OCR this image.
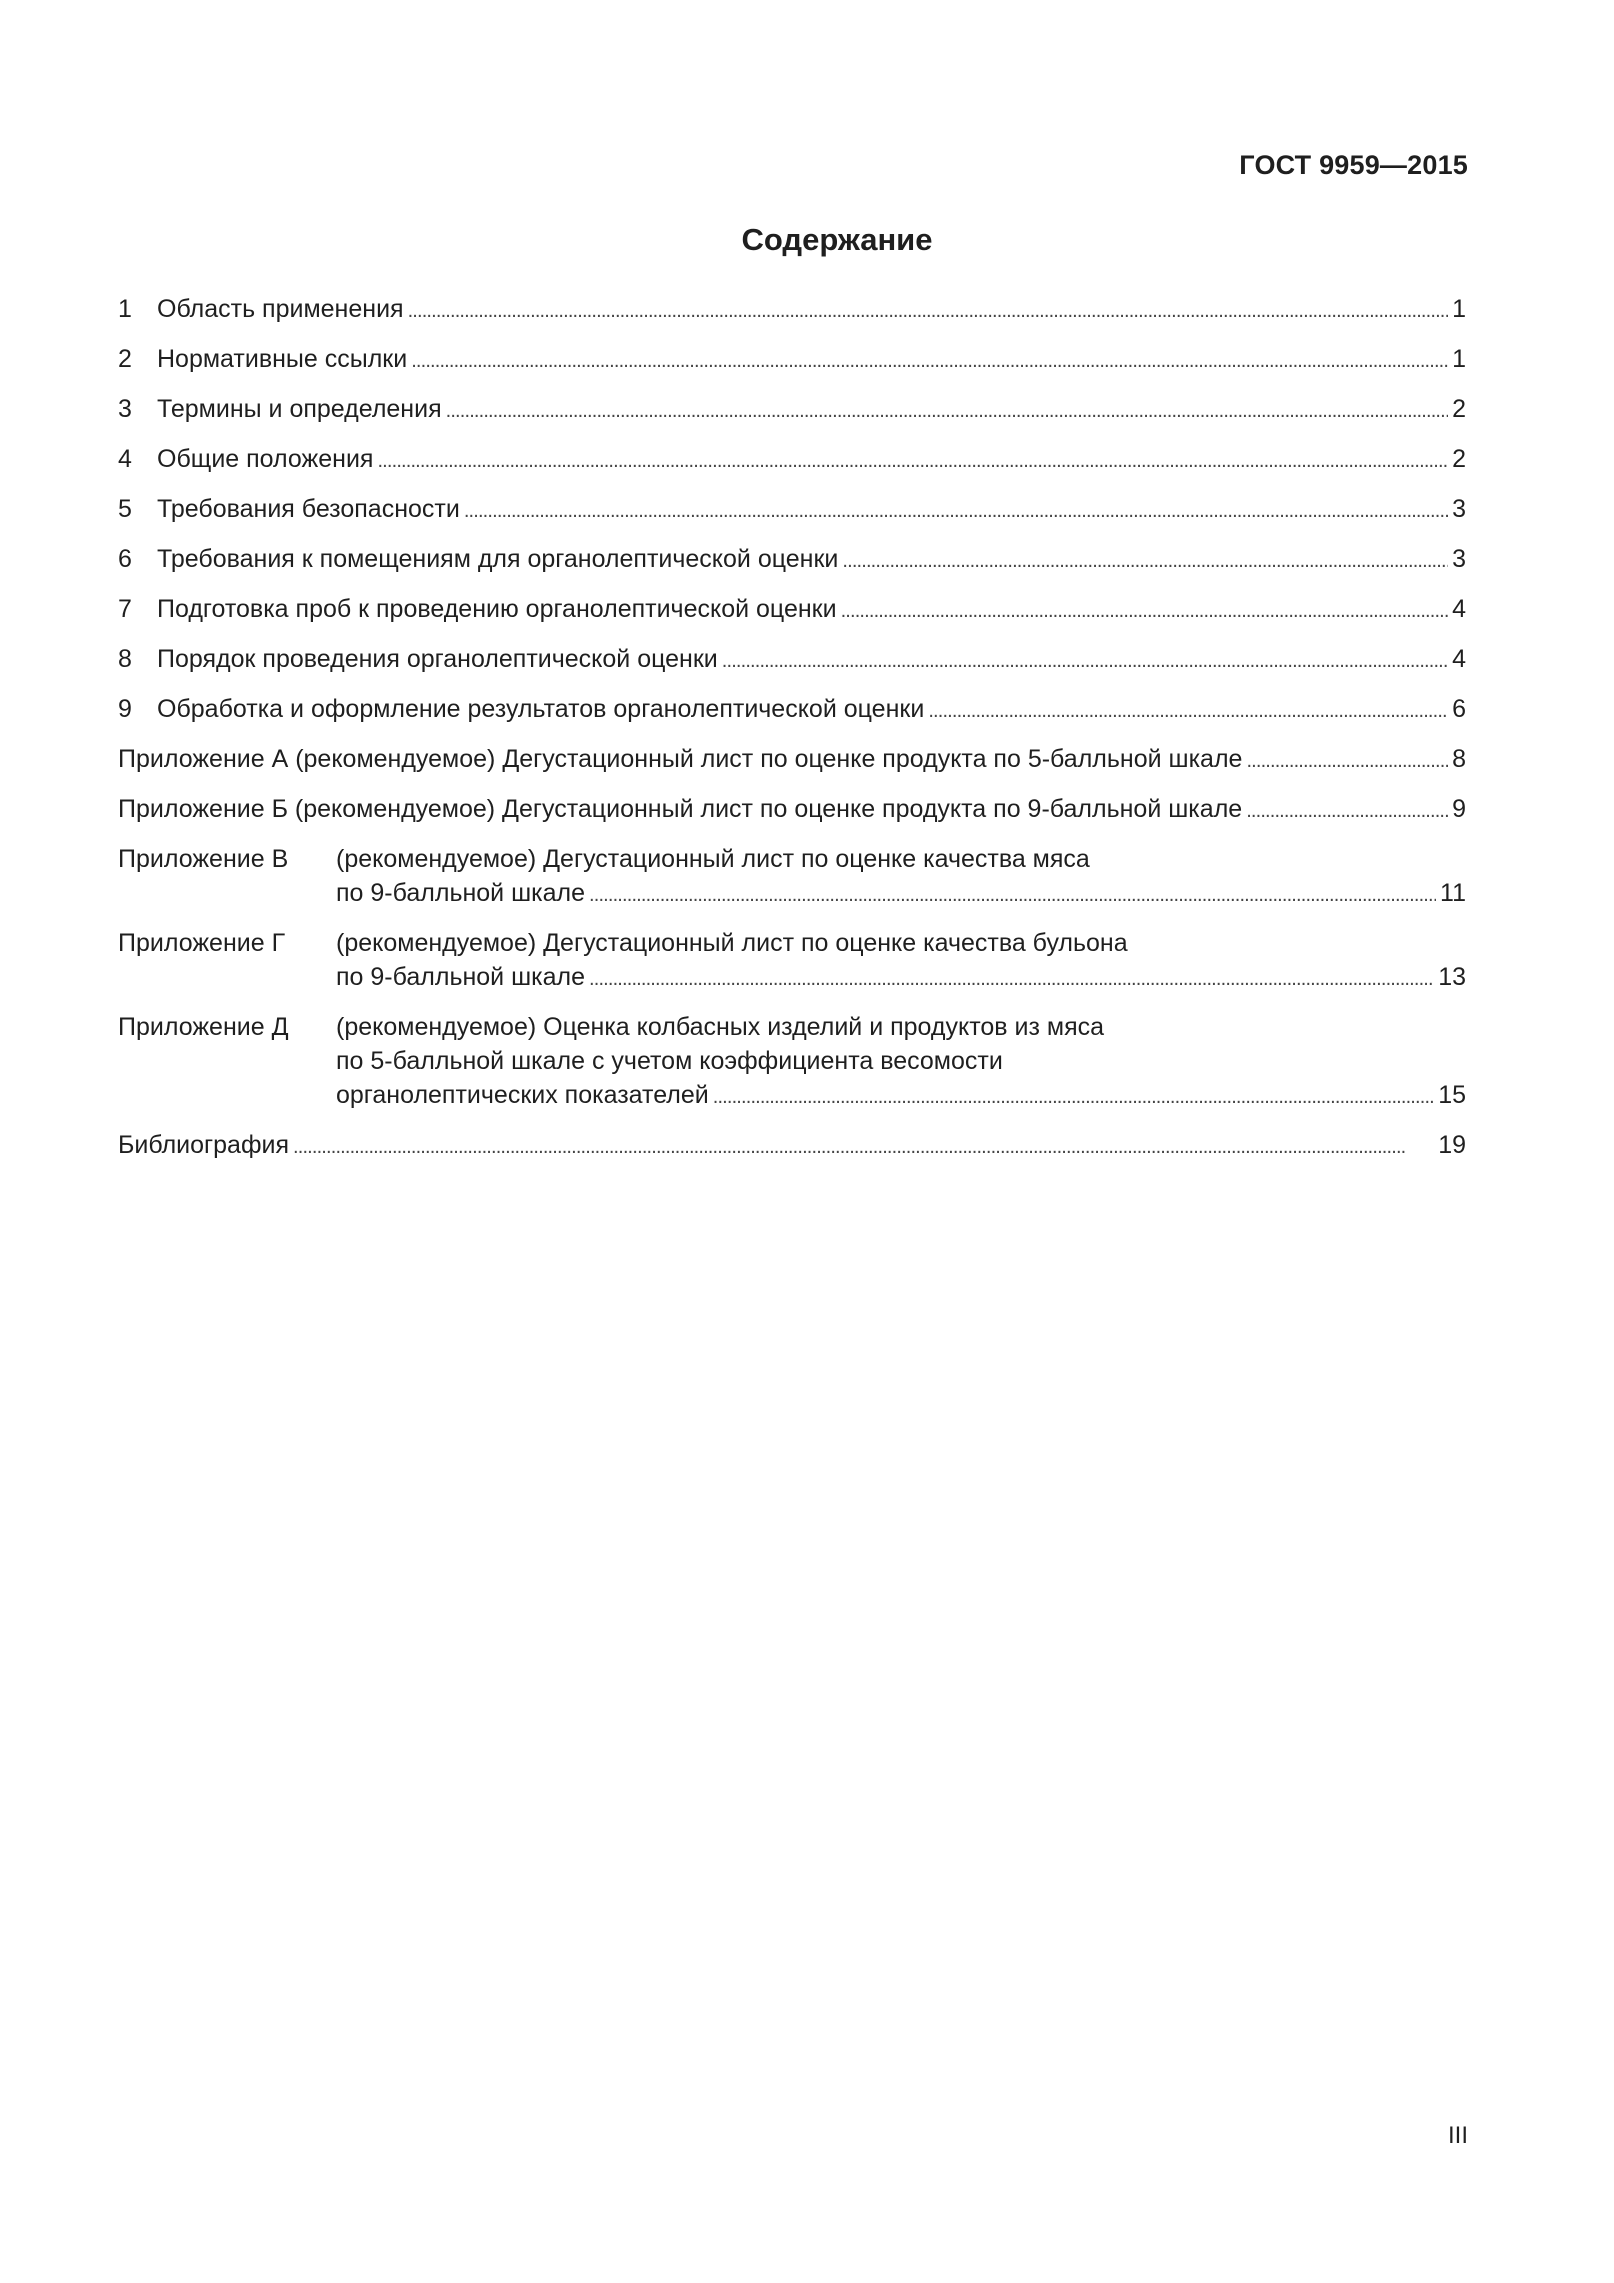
ГОСТ 9959—2015
Содержание
1	Область применения . . .	1
2	Нормативные ссылки . . .	1
3	Термины и определения . . .	2
4	Общие положения . . .	2
5	Требования безопасности . . .	3
6	Требования к помещениям для органолептической оценки . . .	3
7	Подготовка проб к проведению органолептической оценки . . .	4
8	Порядок проведения органолептической оценки . . .	4
9	Обработка и оформление результатов органолептической оценки . . .	6
Приложение А (рекомендуемое) Дегустационный лист по оценке продукта по 5-балльной шкале . . .	8
Приложение Б (рекомендуемое) Дегустационный лист по оценке продукта по 9-балльной шкале . . .	9
Приложение В	(рекомендуемое) Дегустационный лист по оценке качества мяса
по 9-балльной шкале . . .	11
Приложение Г	(рекомендуемое) Дегустационный лист по оценке качества бульона
по 9-балльной шкале . . .	13
Приложение Д	(рекомендуемое) Оценка колбасных изделий и продуктов из мяса
по 5-балльной шкале с учетом коэффициента весомости
органолептических показателей . . .	15
Библиография . . .	19
III
